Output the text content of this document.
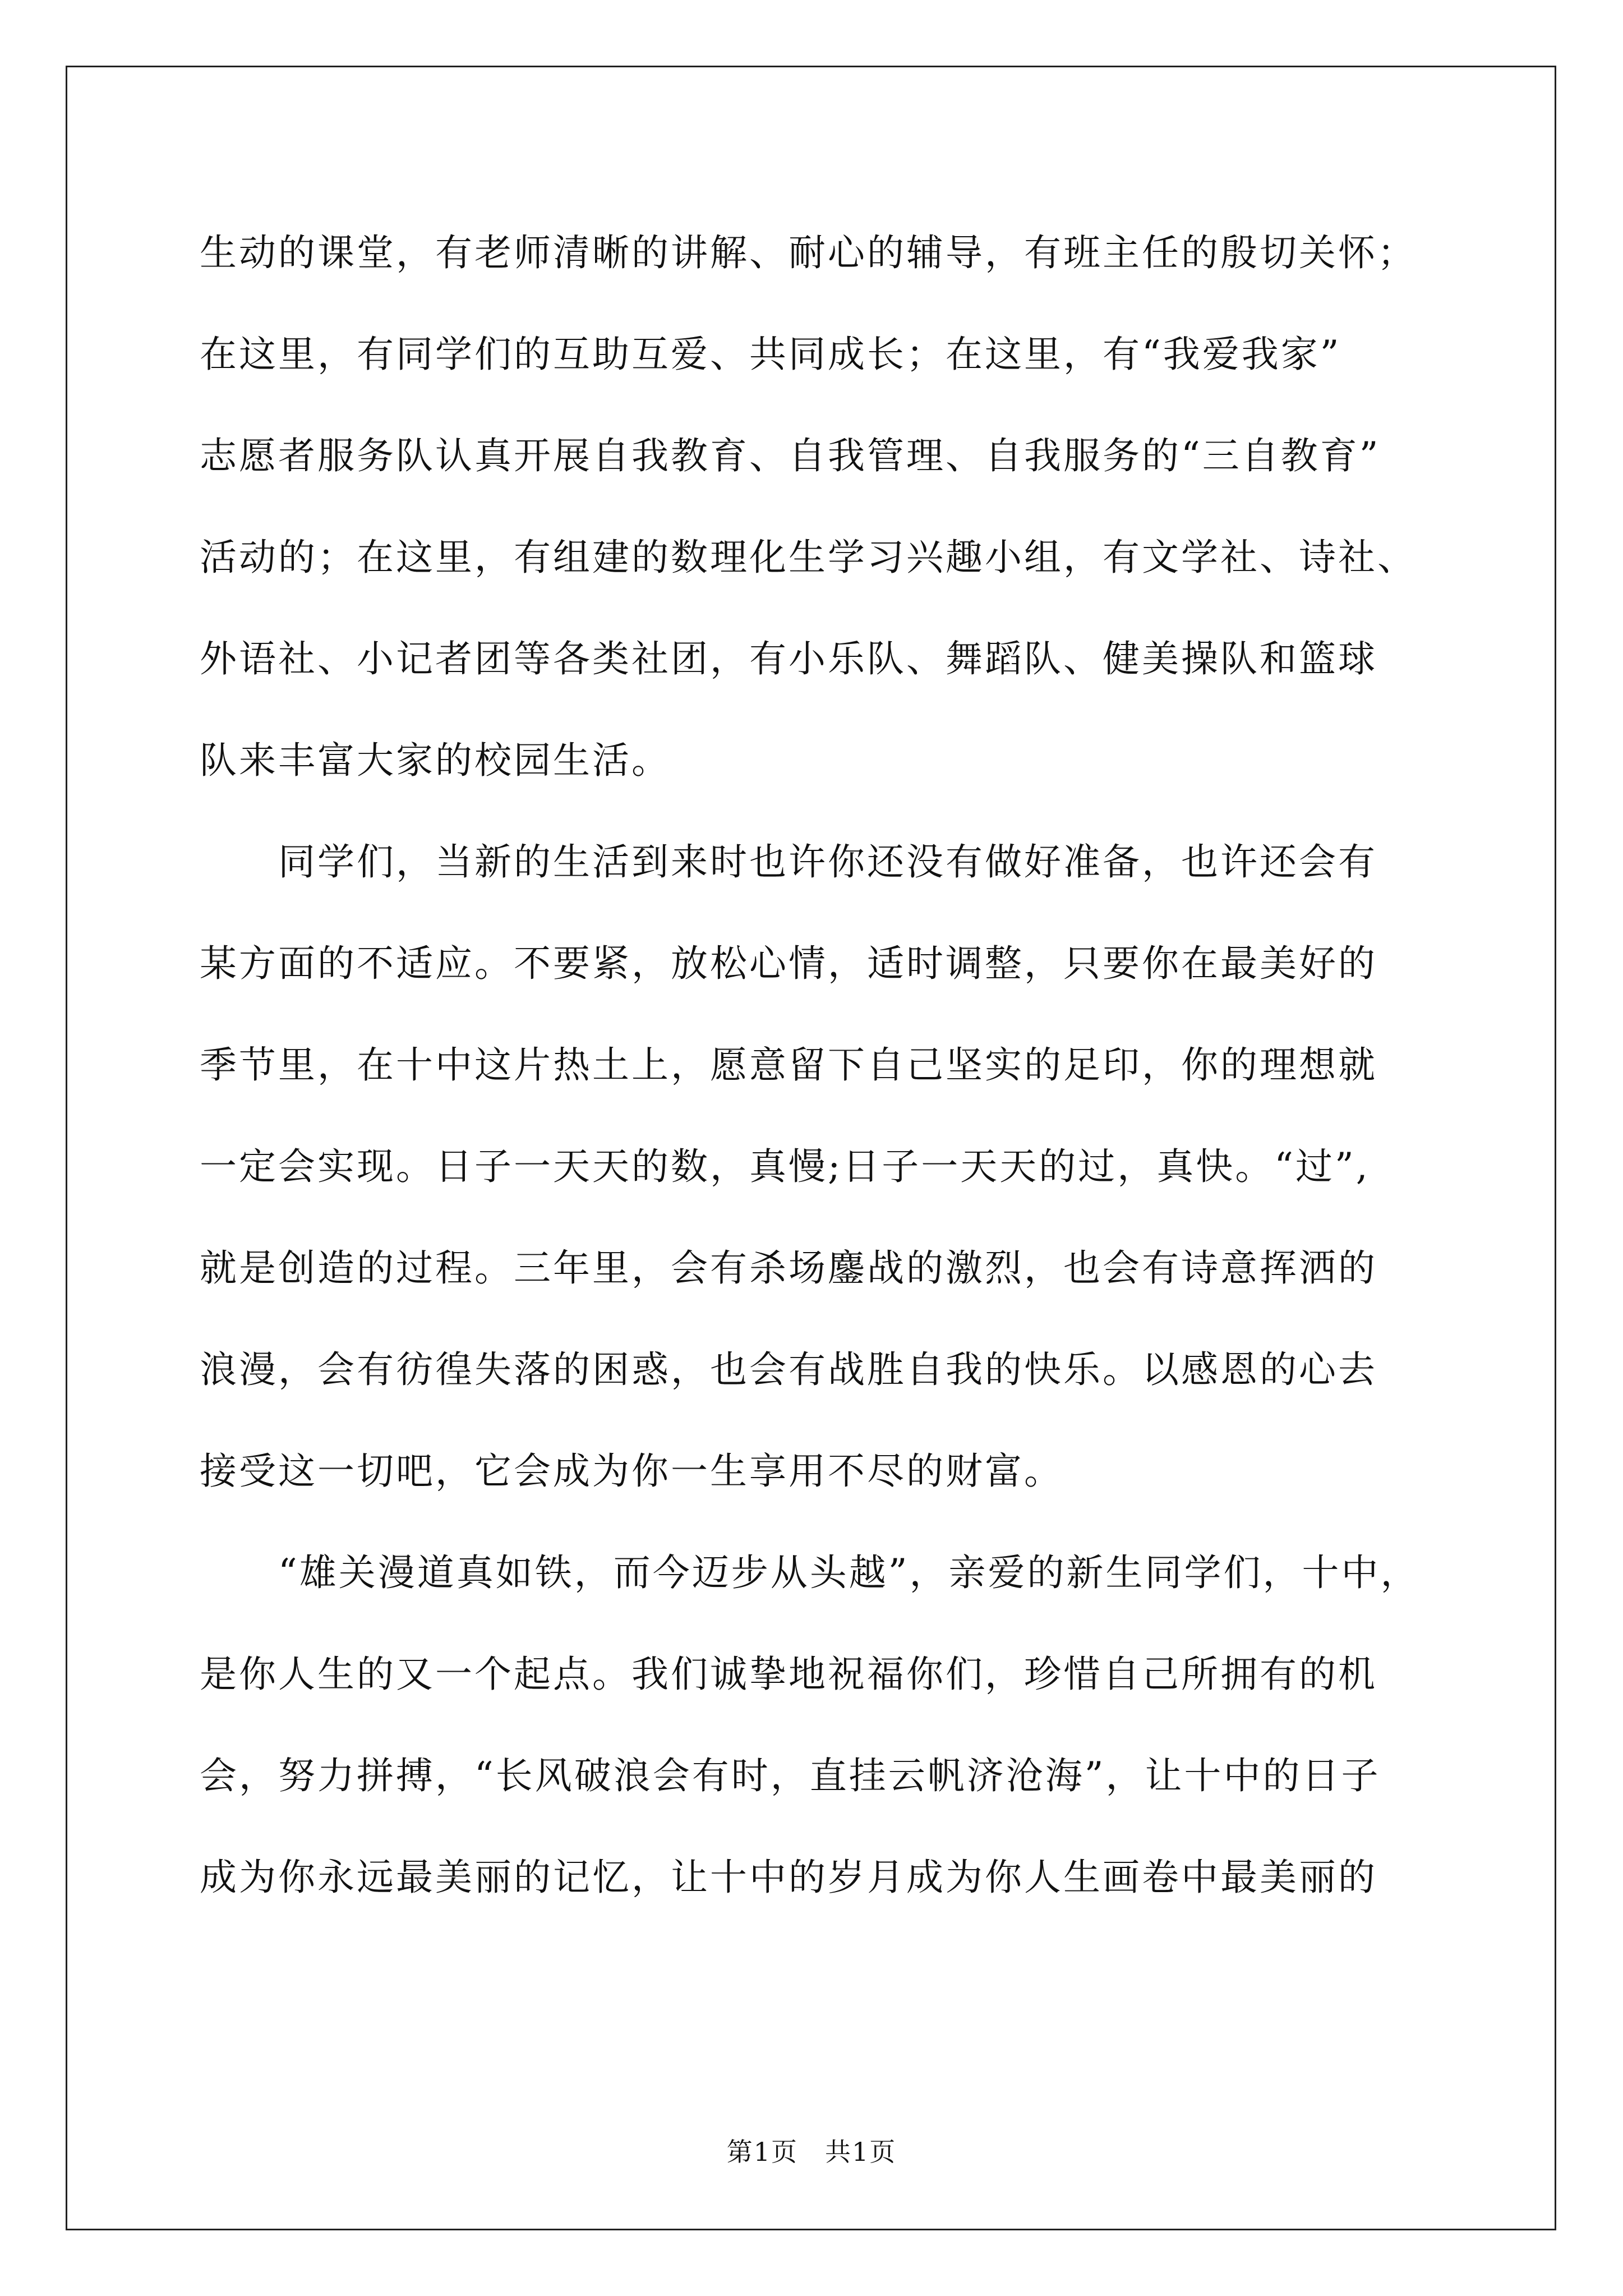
生动的课堂，有老师清晰的讲解、耐心的辅导，有班主任的殷切关怀；
在这里，有同学们的互助互爱、共同成长；在这里，有“我爱我家”
志愿者服务队认真开展自我教育、自我管理、自我服务的“三自教育”
活动的；在这里，有组建的数理化生学习兴趣小组，有文学社、诗社、
外语社、小记者团等各类社团，有小乐队、舞蹈队、健美操队和篮球
队来丰富大家的校园生活。
同学们，当新的生活到来时也许你还没有做好准备，也许还会有
某方面的不适应。不要紧，放松心情，适时调整，只要你在最美好的
季节里，在十中这片热土上，愿意留下自己坚实的足印，你的理想就
一定会实现。日子一天天的数，真慢;日子一天天的过，真快。“过”,
就是创造的过程。三年里，会有杀场鏖战的激烈，也会有诗意挥洒的
浪漫，会有彷徨失落的困惑，也会有战胜自我的快乐。以感恩的心去
接受这一切吧，它会成为你一生享用不尽的财富。
“雄关漫道真如铁，而今迈步从头越”，亲爱的新生同学们，十中，
是你人生的又一个起点。我们诚挚地祝福你们，珍惜自己所拥有的机
会，努力拼搏，“长风破浪会有时，直挂云帆济沧海”，让十中的日子
成为你永远最美丽的记忆，让十中的岁月成为你人生画卷中最美丽的
第1页　共1页
